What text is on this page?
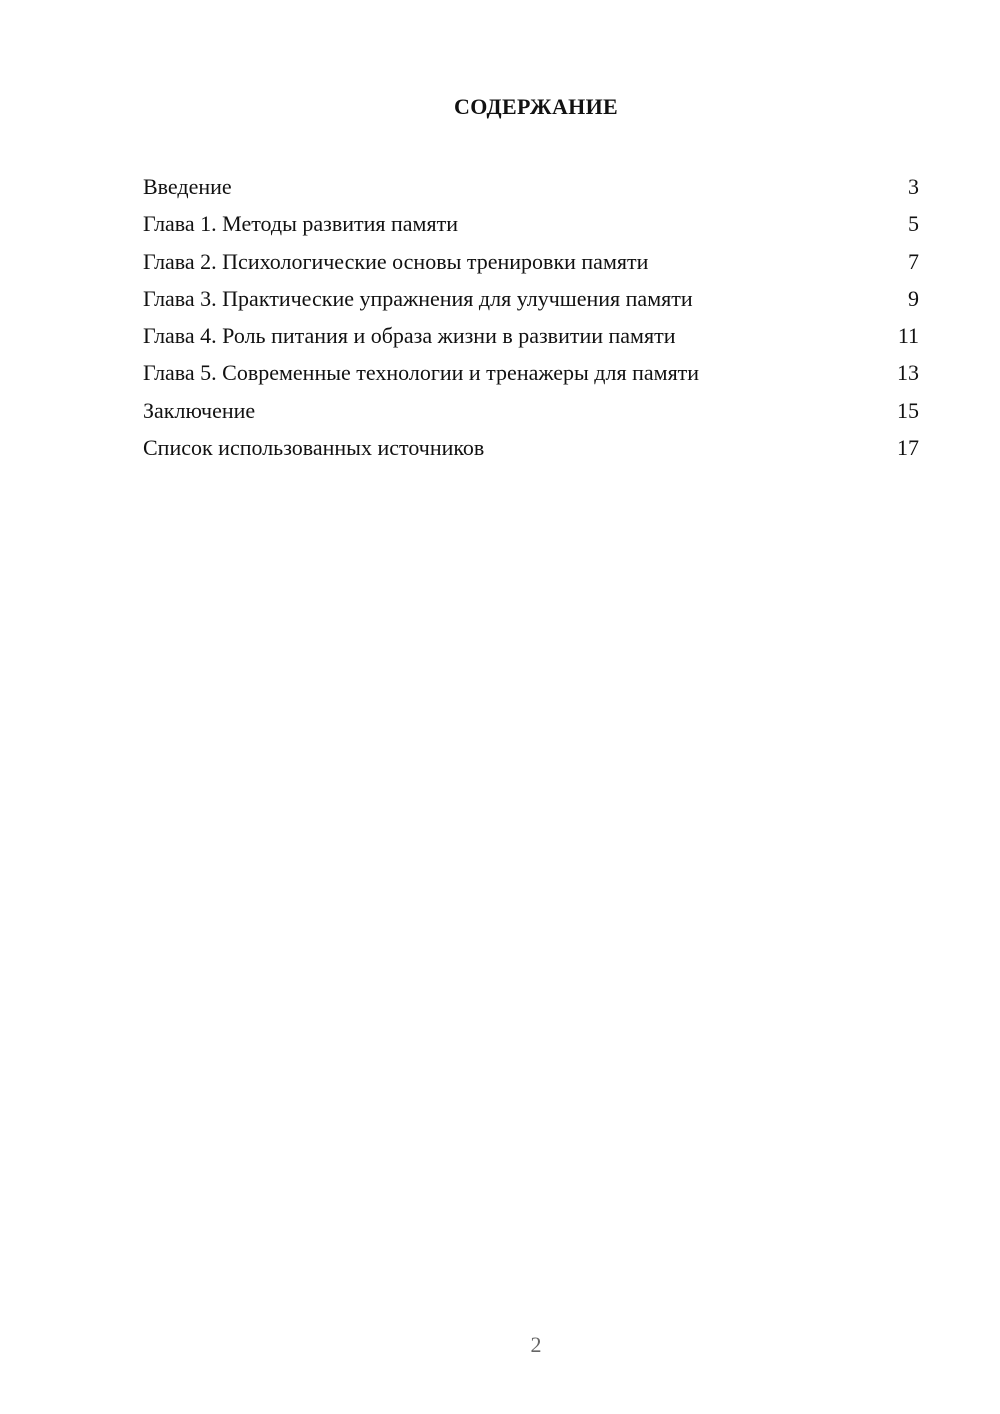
СОДЕРЖАНИЕ
Введение	3
Глава 1. Методы развития памяти	5
Глава 2. Психологические основы тренировки памяти	7
Глава 3. Практические упражнения для улучшения памяти	9
Глава 4. Роль питания и образа жизни в развитии памяти	11
Глава 5. Современные технологии и тренажеры для памяти	13
Заключение	15
Список использованных источников	17
2
